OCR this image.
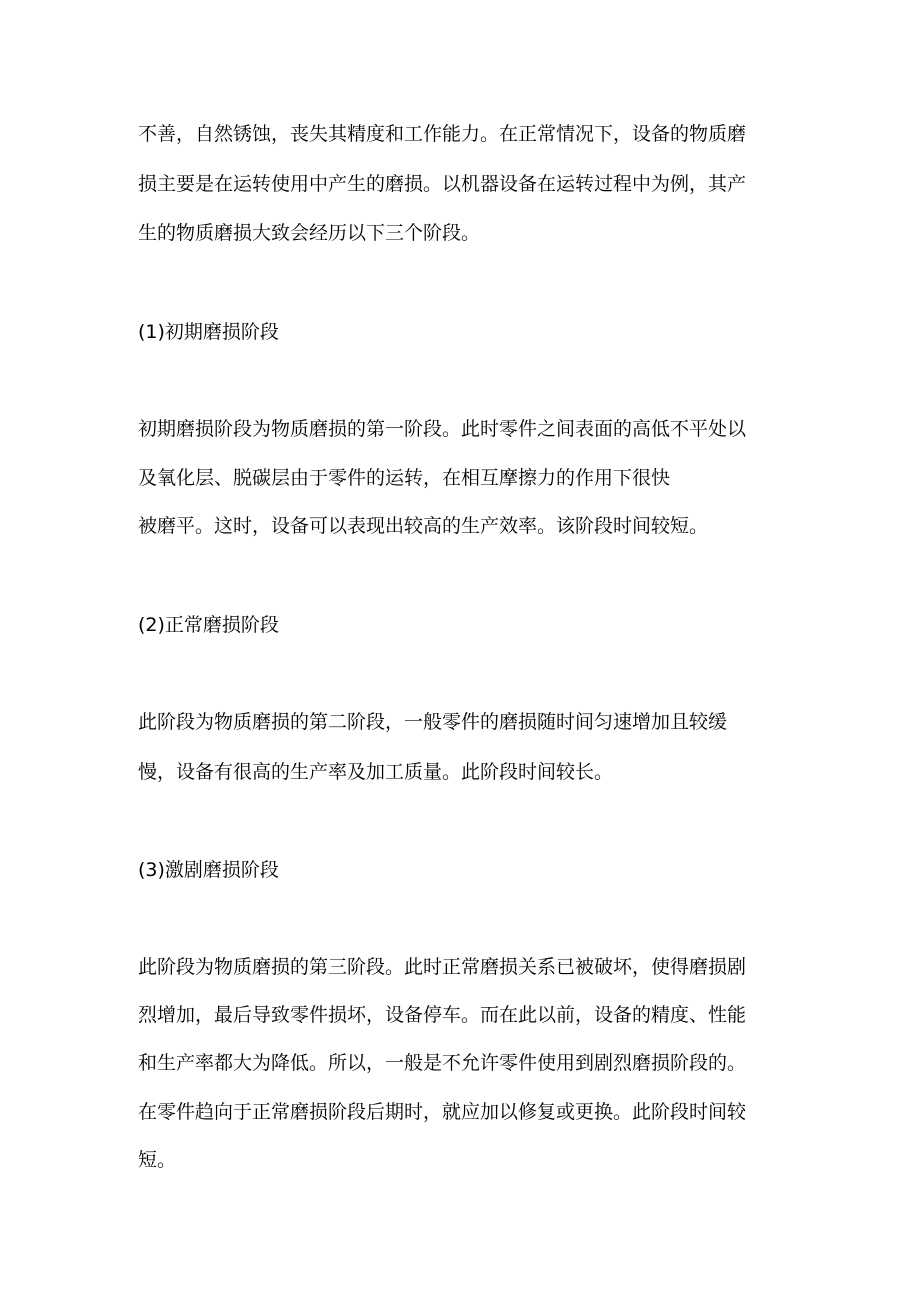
不善，自然锈蚀，丧失其精度和工作能力。在正常情况下，设备的物质磨
损主要是在运转使用中产生的磨损。以机器设备在运转过程中为例，其产
生的物质磨损大致会经历以下三个阶段。
(1)初期磨损阶段
初期磨损阶段为物质磨损的第一阶段。此时零件之间表面的高低不平处以
及氧化层、脱碳层由于零件的运转，在相互摩擦力的作用下很快
被磨平。这时，设备可以表现出较高的生产效率。该阶段时间较短。
(2)正常磨损阶段
此阶段为物质磨损的第二阶段，一般零件的磨损随时间匀速增加且较缓
慢，设备有很高的生产率及加工质量。此阶段时间较长。
(3)激剧磨损阶段
此阶段为物质磨损的第三阶段。此时正常磨损关系已被破坏，使得磨损剧
烈增加，最后导致零件损坏，设备停车。而在此以前，设备的精度、性能
和生产率都大为降低。所以，一般是不允许零件使用到剧烈磨损阶段的。
在零件趋向于正常磨损阶段后期时，就应加以修复或更换。此阶段时间较
短。
